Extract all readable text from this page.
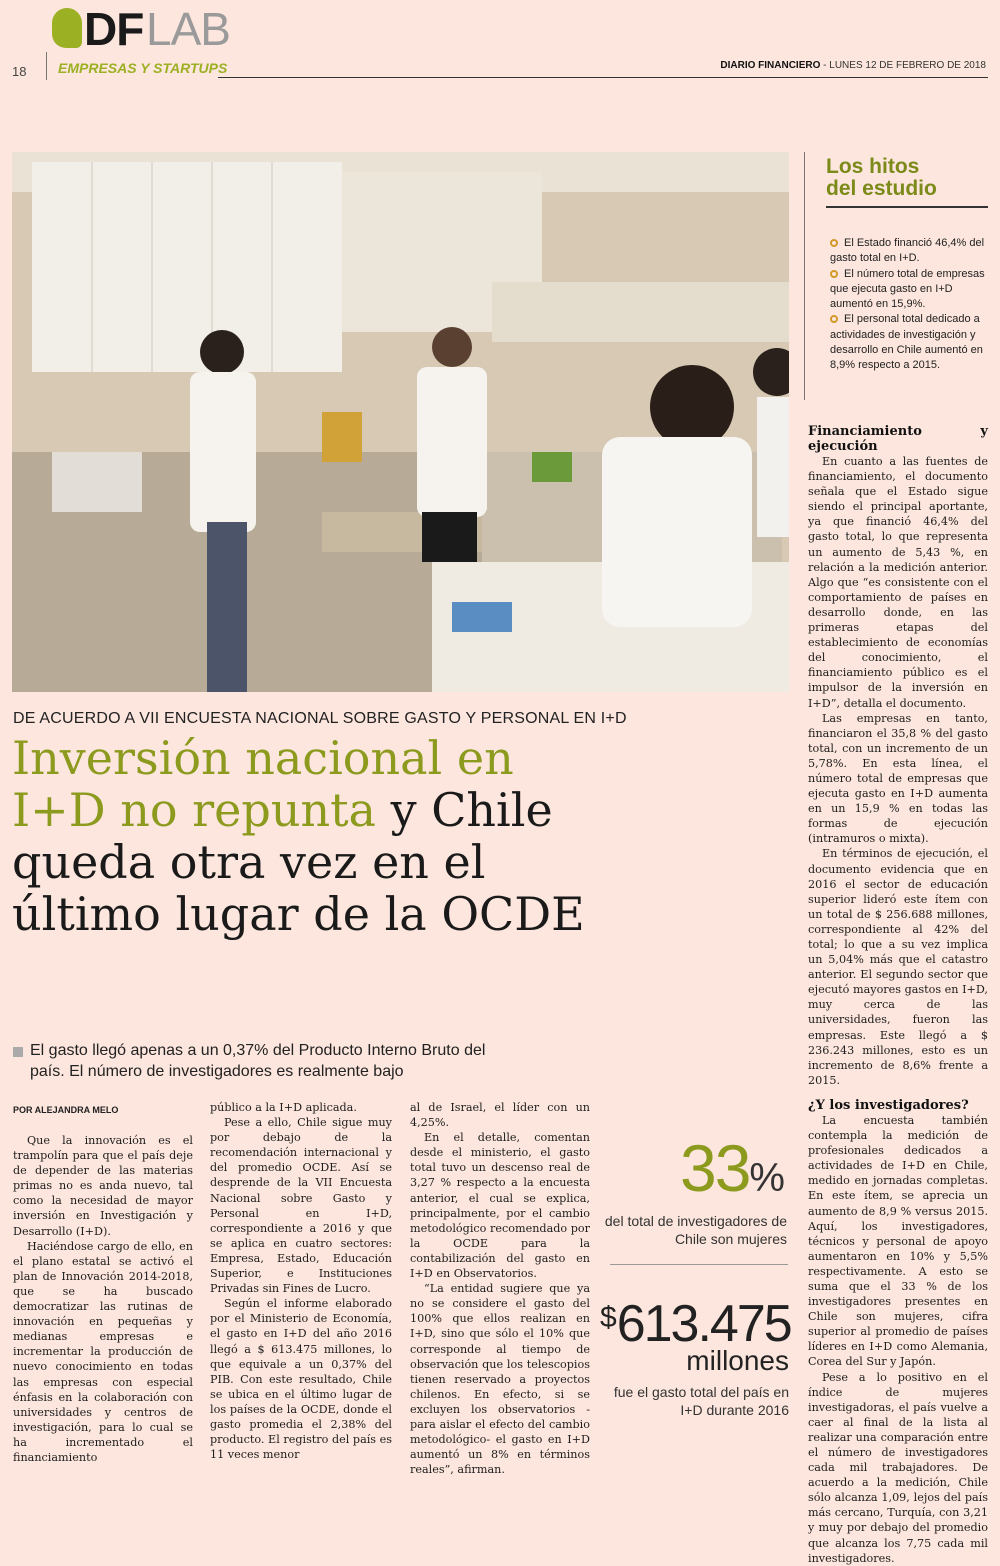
DF LAB
EMPRESAS Y STARTUPS
18	DIARIO FINANCIERO - LUNES 12 DE FEBRERO DE 2018
DE ACUERDO A VII ENCUESTA NACIONAL SOBRE GASTO Y PERSONAL EN I+D
Inversión nacional en I+D no repunta y Chile queda otra vez en el último lugar de la OCDE
El gasto llegó apenas a un 0,37% del Producto Interno Bruto del país. El número de investigadores es realmente bajo
POR ALEJANDRA MELO

Que la innovación es el trampolín para que el país deje de depender de las materias primas no es anda nuevo, tal como la necesidad de mayor inversión en Investigación y Desarrollo (I+D).

Haciéndose cargo de ello, en el plano estatal se activó el plan de Innovación 2014-2018, que se ha buscado democratizar las rutinas de innovación en pequeñas y medianas empresas e incrementar la producción de nuevo conocimiento en todas las empresas con especial énfasis en la colaboración con universidades y centros de investigación, para lo cual se ha incrementado el financiamiento

público a la I+D aplicada.

Pese a ello, Chile sigue muy por debajo de la recomendación internacional y del promedio OCDE. Así se desprende de la VII Encuesta Nacional sobre Gasto y Personal en I+D, correspondiente a 2016 y que se aplica en cuatro sectores: Empresa, Estado, Educación Superior, e Instituciones Privadas sin Fines de Lucro.

Según el informe elaborado por el Ministerio de Economía, el gasto en I+D del año 2016 llegó a $ 613.475 millones, lo que equivale a un 0,37% del PIB. Con este resultado, Chile se ubica en el último lugar de los países de la OCDE, donde el gasto promedia el 2,38% del producto. El registro del país es 11 veces menor

al de Israel, el líder con un 4,25%.

En el detalle, comentan desde el ministerio, el gasto total tuvo un descenso real de 3,27 % respecto a la encuesta anterior, el cual se explica, principalmente, por el cambio metodológico recomendado por la OCDE para la contabilización del gasto en I+D en Observatorios.

“La entidad sugiere que ya no se considere el gasto del 100% que ellos realizan en I+D, sino que sólo el 10% que corresponde al tiempo de observación que los telescopios tienen reservado a proyectos chilenos. En efecto, si se excluyen los observatorios -para aislar el efecto del cambio metodológico- el gasto en I+D aumentó un 8% en términos reales”, afirman.

33%
del total de investigadores de Chile son mujeres
$613.475
millones
fue el gasto total del país en I+D durante 2016
Los hitos
del estudio
El Estado financió 46,4% del gasto total en I+D.
El número total de empresas que ejecuta gasto en I+D aumentó en 15,9%.
El personal total dedicado a actividades de investigación y desarrollo en Chile aumentó en 8,9% respecto a 2015.
Financiamiento y ejecución

En cuanto a las fuentes de financiamiento, el documento señala que el Estado sigue siendo el principal aportante, ya que financió 46,4% del gasto total, lo que representa un aumento de 5,43 %, en relación a la medición anterior. Algo que “es consistente con el comportamiento de países en desarrollo donde, en las primeras etapas del establecimiento de economías del conocimiento, el financiamiento público es el impulsor de la inversión en I+D”, detalla el documento.

Las empresas en tanto, financiaron el 35,8 % del gasto total, con un incremento de un 5,78%. En esta línea, el número total de empresas que ejecuta gasto en I+D aumenta en un 15,9 % en todas las formas de ejecución (intramuros o mixta).

En términos de ejecución, el documento evidencia que en 2016 el sector de educación superior lideró este ítem con un total de $ 256.688 millones, correspondiente al 42% del total; lo que a su vez implica un 5,04% más que el catastro anterior. El segundo sector que ejecutó mayores gastos en I+D, muy cerca de las universidades, fueron las empresas. Este llegó a $ 236.243 millones, esto es un incremento de 8,6% frente a 2015.

¿Y los investigadores?

La encuesta también contempla la medición de profesionales dedicados a actividades de I+D en Chile, medido en jornadas completas. En este ítem, se aprecia un aumento de 8,9 % versus 2015. Aquí, los investigadores, técnicos y personal de apoyo aumentaron en 10% y 5,5% respectivamente. A esto se suma que el 33 % de los investigadores presentes en Chile son mujeres, cifra superior al promedio de países líderes en I+D como Alemania, Corea del Sur y Japón.

Pese a lo positivo en el índice de mujeres investigadoras, el país vuelve a caer al final de la lista al realizar una comparación entre el número de investigadores cada mil trabajadores. De acuerdo a la medición, Chile sólo alcanza 1,09, lejos del país más cercano, Turquía, con 3,21 y muy por debajo del promedio que alcanza los 7,75 cada mil investigadores.
